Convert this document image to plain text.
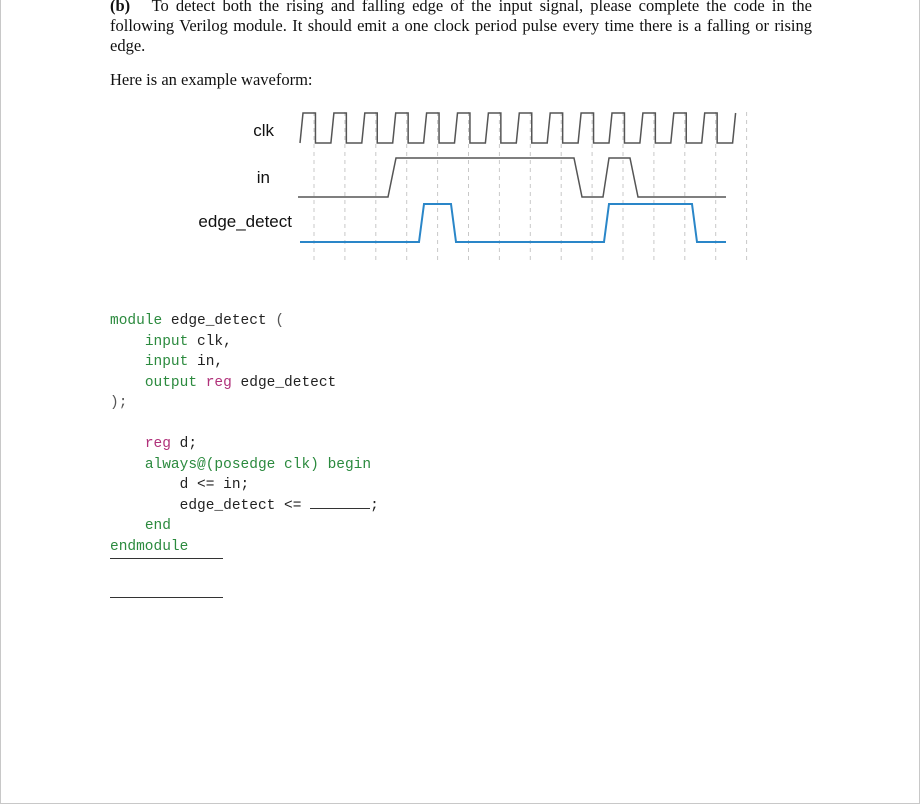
(b) To detect both the rising and falling edge of the input signal, please complete the code in the following Verilog module. It should emit a one clock period pulse every time there is a falling or rising edge.
Here is an example waveform:
clk
in
edge_detect
module edge_detect (
input clk,
input in,
output reg edge_detect
);

reg d;
always@(posedge clk) begin
d <= in;
edge_detect <=	;
end
endmodule
